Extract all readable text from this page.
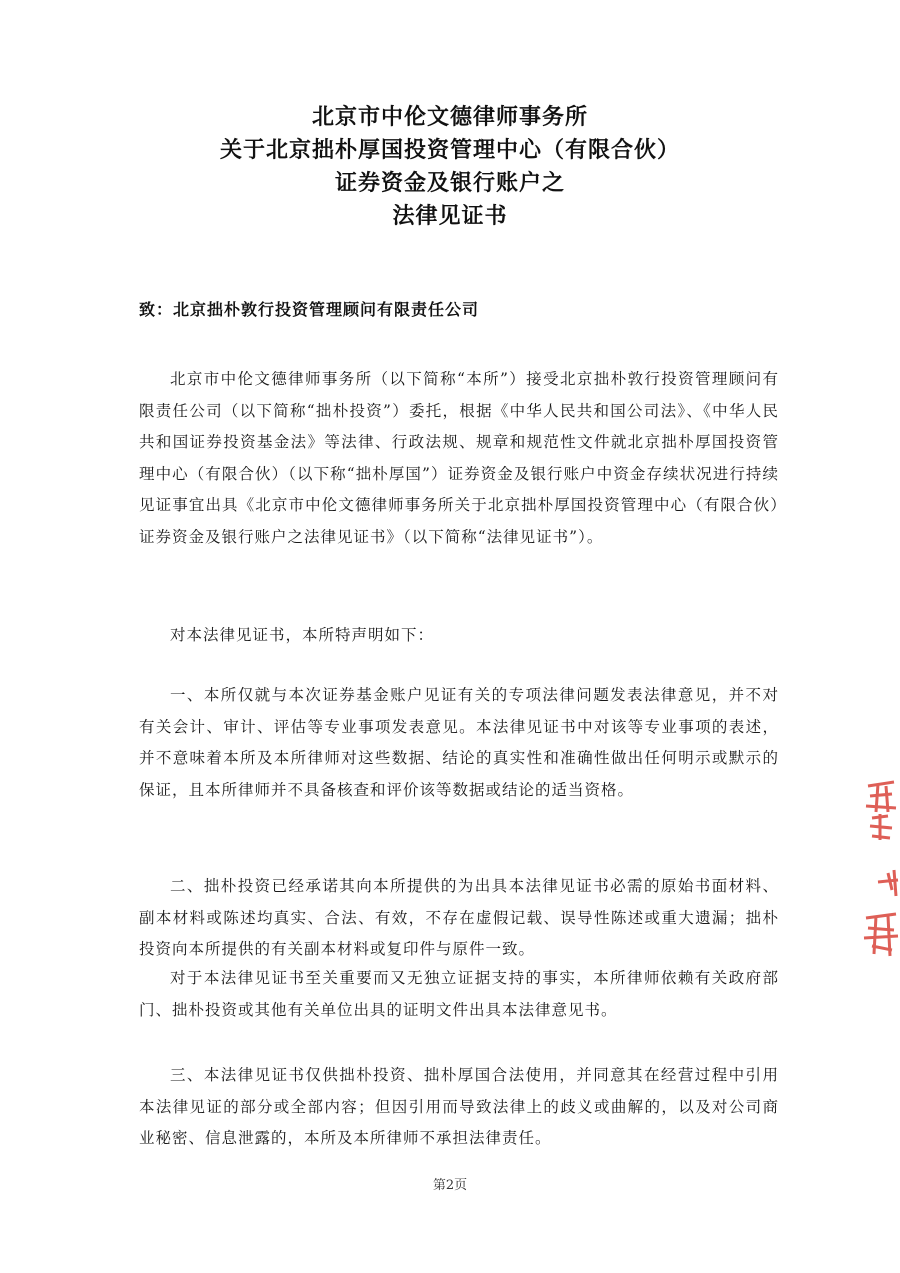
北京市中伦文德律师事务所
关于北京拙朴厚国投资管理中心（有限合伙）
证券资金及银行账户之
法律见证书
致：北京拙朴敦行投资管理顾问有限责任公司

北京市中伦文德律师事务所（以下简称“本所”）接受北京拙朴敦行投资管理顾问有限责任公司（以下简称“拙朴投资”）委托，根据《中华人民共和国公司法》、《中华人民共和国证券投资基金法》等法律、行政法规、规章和规范性文件就北京拙朴厚国投资管理中心（有限合伙）（以下称“拙朴厚国”）证券资金及银行账户中资金存续状况进行持续见证事宜出具《北京市中伦文德律师事务所关于北京拙朴厚国投资管理中心（有限合伙）证券资金及银行账户之法律见证书》（以下简称“法律见证书”）。

对本法律见证书，本所特声明如下：

一、本所仅就与本次证券基金账户见证有关的专项法律问题发表法律意见，并不对有关会计、审计、评估等专业事项发表意见。本法律见证书中对该等专业事项的表述，并不意味着本所及本所律师对这些数据、结论的真实性和准确性做出任何明示或默示的保证，且本所律师并不具备核查和评价该等数据或结论的适当资格。

二、拙朴投资已经承诺其向本所提供的为出具本法律见证书必需的原始书面材料、副本材料或陈述均真实、合法、有效，不存在虚假记载、误导性陈述或重大遗漏；拙朴投资向本所提供的有关副本材料或复印件与原件一致。

对于本法律见证书至关重要而又无独立证据支持的事实，本所律师依赖有关政府部门、拙朴投资或其他有关单位出具的证明文件出具本法律意见书。

三、本法律见证书仅供拙朴投资、拙朴厚国合法使用，并同意其在经营过程中引用本法律见证的部分或全部内容；但因引用而导致法律上的歧义或曲解的，以及对公司商业秘密、信息泄露的，本所及本所律师不承担法律责任。

第2页
